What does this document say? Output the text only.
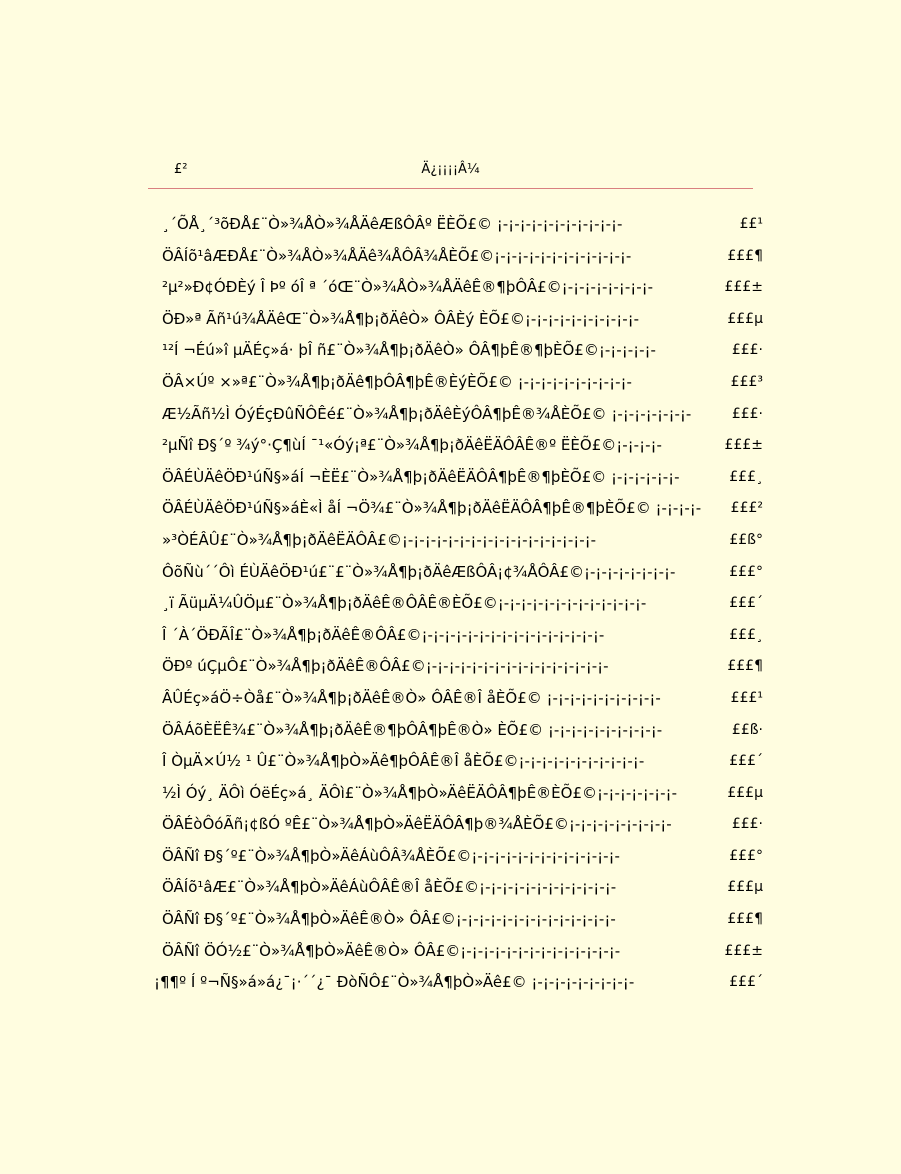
£²	Ä¿¡¡¡¡Â¼
¸´ÕÅ¸´³õÐÅ£¨Ò»¾ÅÒ»¾ÅÄêÆßÔÂº ËÈÕ£© ¡-¡-¡-¡-¡-¡-¡-¡-¡-¡-¡-	££¹
ÖÂÍõ¹âÆÐÅ£¨Ò»¾ÅÒ»¾ÅÄê¾ÅÔÂ¾ÅÈÕ£©¡-¡-¡-¡-¡-¡-¡-¡-¡-¡-¡-¡-	£££¶
²µ²»Ð¢ÓÐÈý Î Þº óÎ ª ´óŒ¨Ò»¾ÅÒ»¾ÅÄêÊ®¶þÔÂ£©¡-¡-¡-¡-¡-¡-¡-¡-	£££±
ÖÐ»ª Ãñ¹ú¾ÅÄêŒ¨Ò»¾Å¶þ¡ðÄêÒ» ÔÂÈý ÈÕ£©¡-¡-¡-¡-¡-¡-¡-¡-¡-¡-	£££µ
¹²Í ¬Éú»î µÄÉç»á· þÎ ñ£¨Ò»¾Å¶þ¡ðÄêÒ» ÔÂ¶þÊ®¶þÈÕ£©¡-¡-¡-¡-¡-	£££·
ÖÂ×Úº ×»ª£¨Ò»¾Å¶þ¡ðÄê¶þÔÂ¶þÊ®ÈýÈÕ£© ¡-¡-¡-¡-¡-¡-¡-¡-¡-¡-	£££³
Æ½Ãñ½Ì ÓýÉçÐûÑÔÊé£¨Ò»¾Å¶þ¡ðÄêÈýÔÂ¶þÊ®¾ÅÈÕ£© ¡-¡-¡-¡-¡-¡-¡-	£££·
²µÑî Ð§´º ¾ý°·Ç¶ùÍ ¯¹«Óý¡ª£¨Ò»¾Å¶þ¡ðÄêËÄÔÂÊ®º ËÈÕ£©¡-¡-¡-¡-	£££±
ÖÂÉÙÄêÖÐ¹úÑ§»áÍ ¬ÈË£¨Ò»¾Å¶þ¡ðÄêËÄÔÂ¶þÊ®¶þÈÕ£© ¡-¡-¡-¡-¡-¡-	£££¸
ÖÂÉÙÄêÖÐ¹úÑ§»áÈ«Ì åÍ ¬Ö¾£¨Ò»¾Å¶þ¡ðÄêËÄÔÂ¶þÊ®¶þÈÕ£© ¡-¡-¡-¡-	£££²
»³ÒÉÂÛ£¨Ò»¾Å¶þ¡ðÄêËÄÔÂ£©¡-¡-¡-¡-¡-¡-¡-¡-¡-¡-¡-¡-¡-¡-¡-¡-¡-	££ß°
ÔõÑù´´Ôì ÉÙÄêÖÐ¹ú£¨£¨Ò»¾Å¶þ¡ðÄêÆßÔÂ¡¢¾ÅÔÂ£©¡-¡-¡-¡-¡-¡-¡-¡-	£££°
¸ï ÃüµÄ¼ÛÖµ£¨Ò»¾Å¶þ¡ðÄêÊ®ÔÂÊ®ÈÕ£©¡-¡-¡-¡-¡-¡-¡-¡-¡-¡-¡-¡-¡-	£££´
Î ´À´ÖÐÃÎ£¨Ò»¾Å¶þ¡ðÄêÊ®ÔÂ£©¡-¡-¡-¡-¡-¡-¡-¡-¡-¡-¡-¡-¡-¡-¡-¡-	£££¸
ÖÐº úÇµÔ£¨Ò»¾Å¶þ¡ðÄêÊ®ÔÂ£©¡-¡-¡-¡-¡-¡-¡-¡-¡-¡-¡-¡-¡-¡-¡-¡-	£££¶
ÂÛÉç»áÖ÷Òå£¨Ò»¾Å¶þ¡ðÄêÊ®Ò» ÔÂÊ®Î åÈÕ£© ¡-¡-¡-¡-¡-¡-¡-¡-¡-¡-	£££¹
ÖÂÁõÈËÊ¾£¨Ò»¾Å¶þ¡ðÄêÊ®¶þÔÂ¶þÊ®Ò» ÈÕ£© ¡-¡-¡-¡-¡-¡-¡-¡-¡-¡-	££ß·
Î ÒµÄ×Ú½ ¹ Û£¨Ò»¾Å¶þÒ»Äê¶þÔÂÊ®Î åÈÕ£©¡-¡-¡-¡-¡-¡-¡-¡-¡-¡-¡-	£££´
½Ì Óý¸ ÄÔì ÓëÉç»á¸ ÄÔì£¨Ò»¾Å¶þÒ»ÄêËÄÔÂ¶þÊ®ÈÕ£©¡-¡-¡-¡-¡-¡-¡-	£££µ
ÖÂÉòÔóÃñ¡¢ßÓ ºÊ£¨Ò»¾Å¶þÒ»ÄêËÄÔÂ¶þ®¾ÅÈÕ£©¡-¡-¡-¡-¡-¡-¡-¡-¡-	£££·
ÖÂÑî Ð§´º£¨Ò»¾Å¶þÒ»ÄêÁùÔÂ¾ÅÈÕ£©¡-¡-¡-¡-¡-¡-¡-¡-¡-¡-¡-¡-¡-	£££°
ÖÂÍõ¹âÆ£¨Ò»¾Å¶þÒ»ÄêÁùÔÂÊ®Î åÈÕ£©¡-¡-¡-¡-¡-¡-¡-¡-¡-¡-¡-¡-	£££µ
ÖÂÑî Ð§´º£¨Ò»¾Å¶þÒ»ÄêÊ®Ò» ÔÂ£©¡-¡-¡-¡-¡-¡-¡-¡-¡-¡-¡-¡-¡-¡-	£££¶
ÖÂÑî ÖÓ½£¨Ò»¾Å¶þÒ»ÄêÊ®Ò» ÔÂ£©¡-¡-¡-¡-¡-¡-¡-¡-¡-¡-¡-¡-¡-¡-	£££±
¡¶¶º Í º¬Ñ§»á»á¿¯¡·´´¿¯ ÐòÑÔ£¨Ò»¾Å¶þÒ»Äê£© ¡-¡-¡-¡-¡-¡-¡-¡-¡-	£££´
